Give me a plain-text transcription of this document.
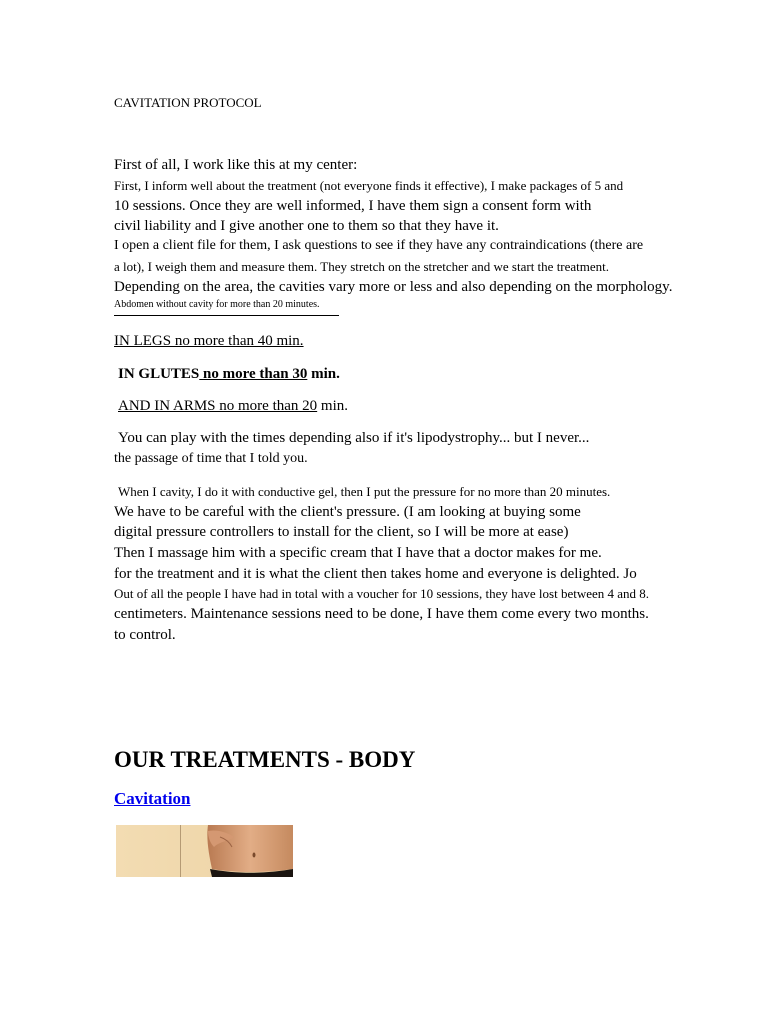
CAVITATION PROTOCOL
First of all, I work like this at my center:
First, I inform well about the treatment (not everyone finds it effective), I make packages of 5 and
10 sessions. Once they are well informed, I have them sign a consent form with
civil liability and I give another one to them so that they have it.
I open a client file for them, I ask questions to see if they have any contraindications (there are
a lot), I weigh them and measure them. They stretch on the stretcher and we start the treatment.
Depending on the area, the cavities vary more or less and also depending on the morphology.
Abdomen without cavity for more than 20 minutes.
IN LEGS no more than 40 min.
IN GLUTES no more than 30 min.
AND IN ARMS no more than 20 min.
You can play with the times depending also if it's lipodystrophy... but I never...
the passage of time that I told you.
When I cavity, I do it with conductive gel, then I put the pressure for no more than 20 minutes.
We have to be careful with the client's pressure. (I am looking at buying some
digital pressure controllers to install for the client, so I will be more at ease)
Then I massage him with a specific cream that I have that a doctor makes for me.
for the treatment and it is what the client then takes home and everyone is delighted. Jo
Out of all the people I have had in total with a voucher for 10 sessions, they have lost between 4 and 8.
centimeters. Maintenance sessions need to be done, I have them come every two months.
to control.
OUR TREATMENTS - BODY
Cavitation
